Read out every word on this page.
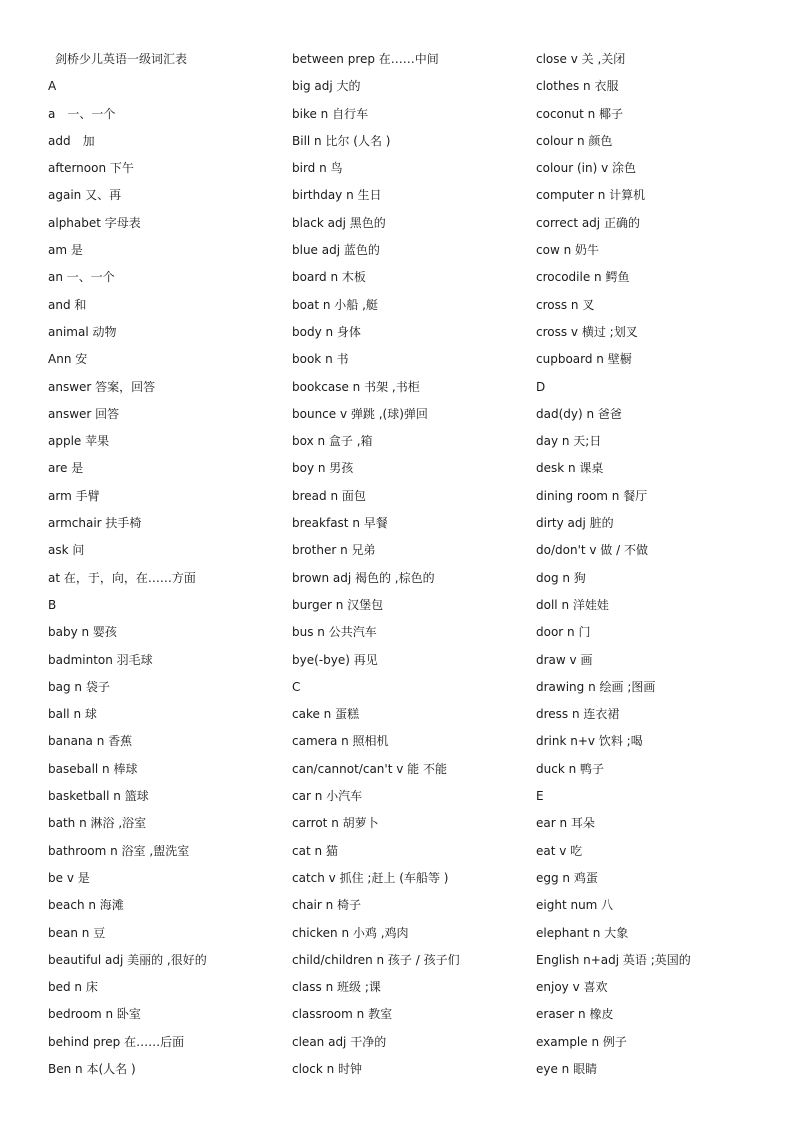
剑桥少儿英语一级词汇表
A
a　一、一个
add　加
afternoon 下午
again 又、再
alphabet 字母表
am 是
an 一、一个
and 和
animal 动物
Ann 安
answer 答案，回答
answer 回答
apple 苹果
are 是
arm 手臂
armchair 扶手椅
ask 问
at 在，于，向，在……方面
B
baby n 婴孩
badminton 羽毛球
bag n 袋子
ball n 球
banana n 香蕉
baseball n 棒球
basketball n 篮球
bath n 淋浴 ,浴室
bathroom n 浴室 ,盥洗室
be v 是
beach n 海滩
bean n 豆
beautiful adj 美丽的 ,很好的
bed n 床
bedroom n 卧室
behind prep 在……后面
Ben n 本(人名 )
between prep 在……中间
big adj 大的
bike n 自行车
Bill n 比尔 (人名 )
bird n 鸟
birthday n 生日
black adj 黑色的
blue adj 蓝色的
board n 木板
boat n 小船 ,艇
body n 身体
book n 书
bookcase n 书架 ,书柜
bounce v 弹跳 ,(球)弹回
box n 盒子 ,箱
boy n 男孩
bread n 面包
breakfast n 早餐
brother n 兄弟
brown adj 褐色的 ,棕色的
burger n 汉堡包
bus n 公共汽车
bye(-bye) 再见
C
cake n 蛋糕
camera n 照相机
can/cannot/can't v 能 不能
car n 小汽车
carrot n 胡萝卜
cat n 猫
catch v 抓住 ;赶上 (车船等 )
chair n 椅子
chicken n 小鸡 ,鸡肉
child/children n 孩子 / 孩子们
class n 班级 ;课
classroom n 教室
clean adj 干净的
clock n 时钟
close v 关 ,关闭
clothes n 衣服
coconut n 椰子
colour n 颜色
colour (in) v 涂色
computer n 计算机
correct adj 正确的
cow n 奶牛
crocodile n 鳄鱼
cross n 叉
cross v 横过 ;划叉
cupboard n 壁橱
D
dad(dy) n 爸爸
day n 天;日
desk n 课桌
dining room n 餐厅
dirty adj 脏的
do/don't v 做 / 不做
dog n 狗
doll n 洋娃娃
door n 门
draw v 画
drawing n 绘画 ;图画
dress n 连衣裙
drink n+v 饮料 ;喝
duck n 鸭子
E
ear n 耳朵
eat v 吃
egg n 鸡蛋
eight num 八
elephant n 大象
English n+adj 英语 ;英国的
enjoy v 喜欢
eraser n 橡皮
example n 例子
eye n 眼睛
